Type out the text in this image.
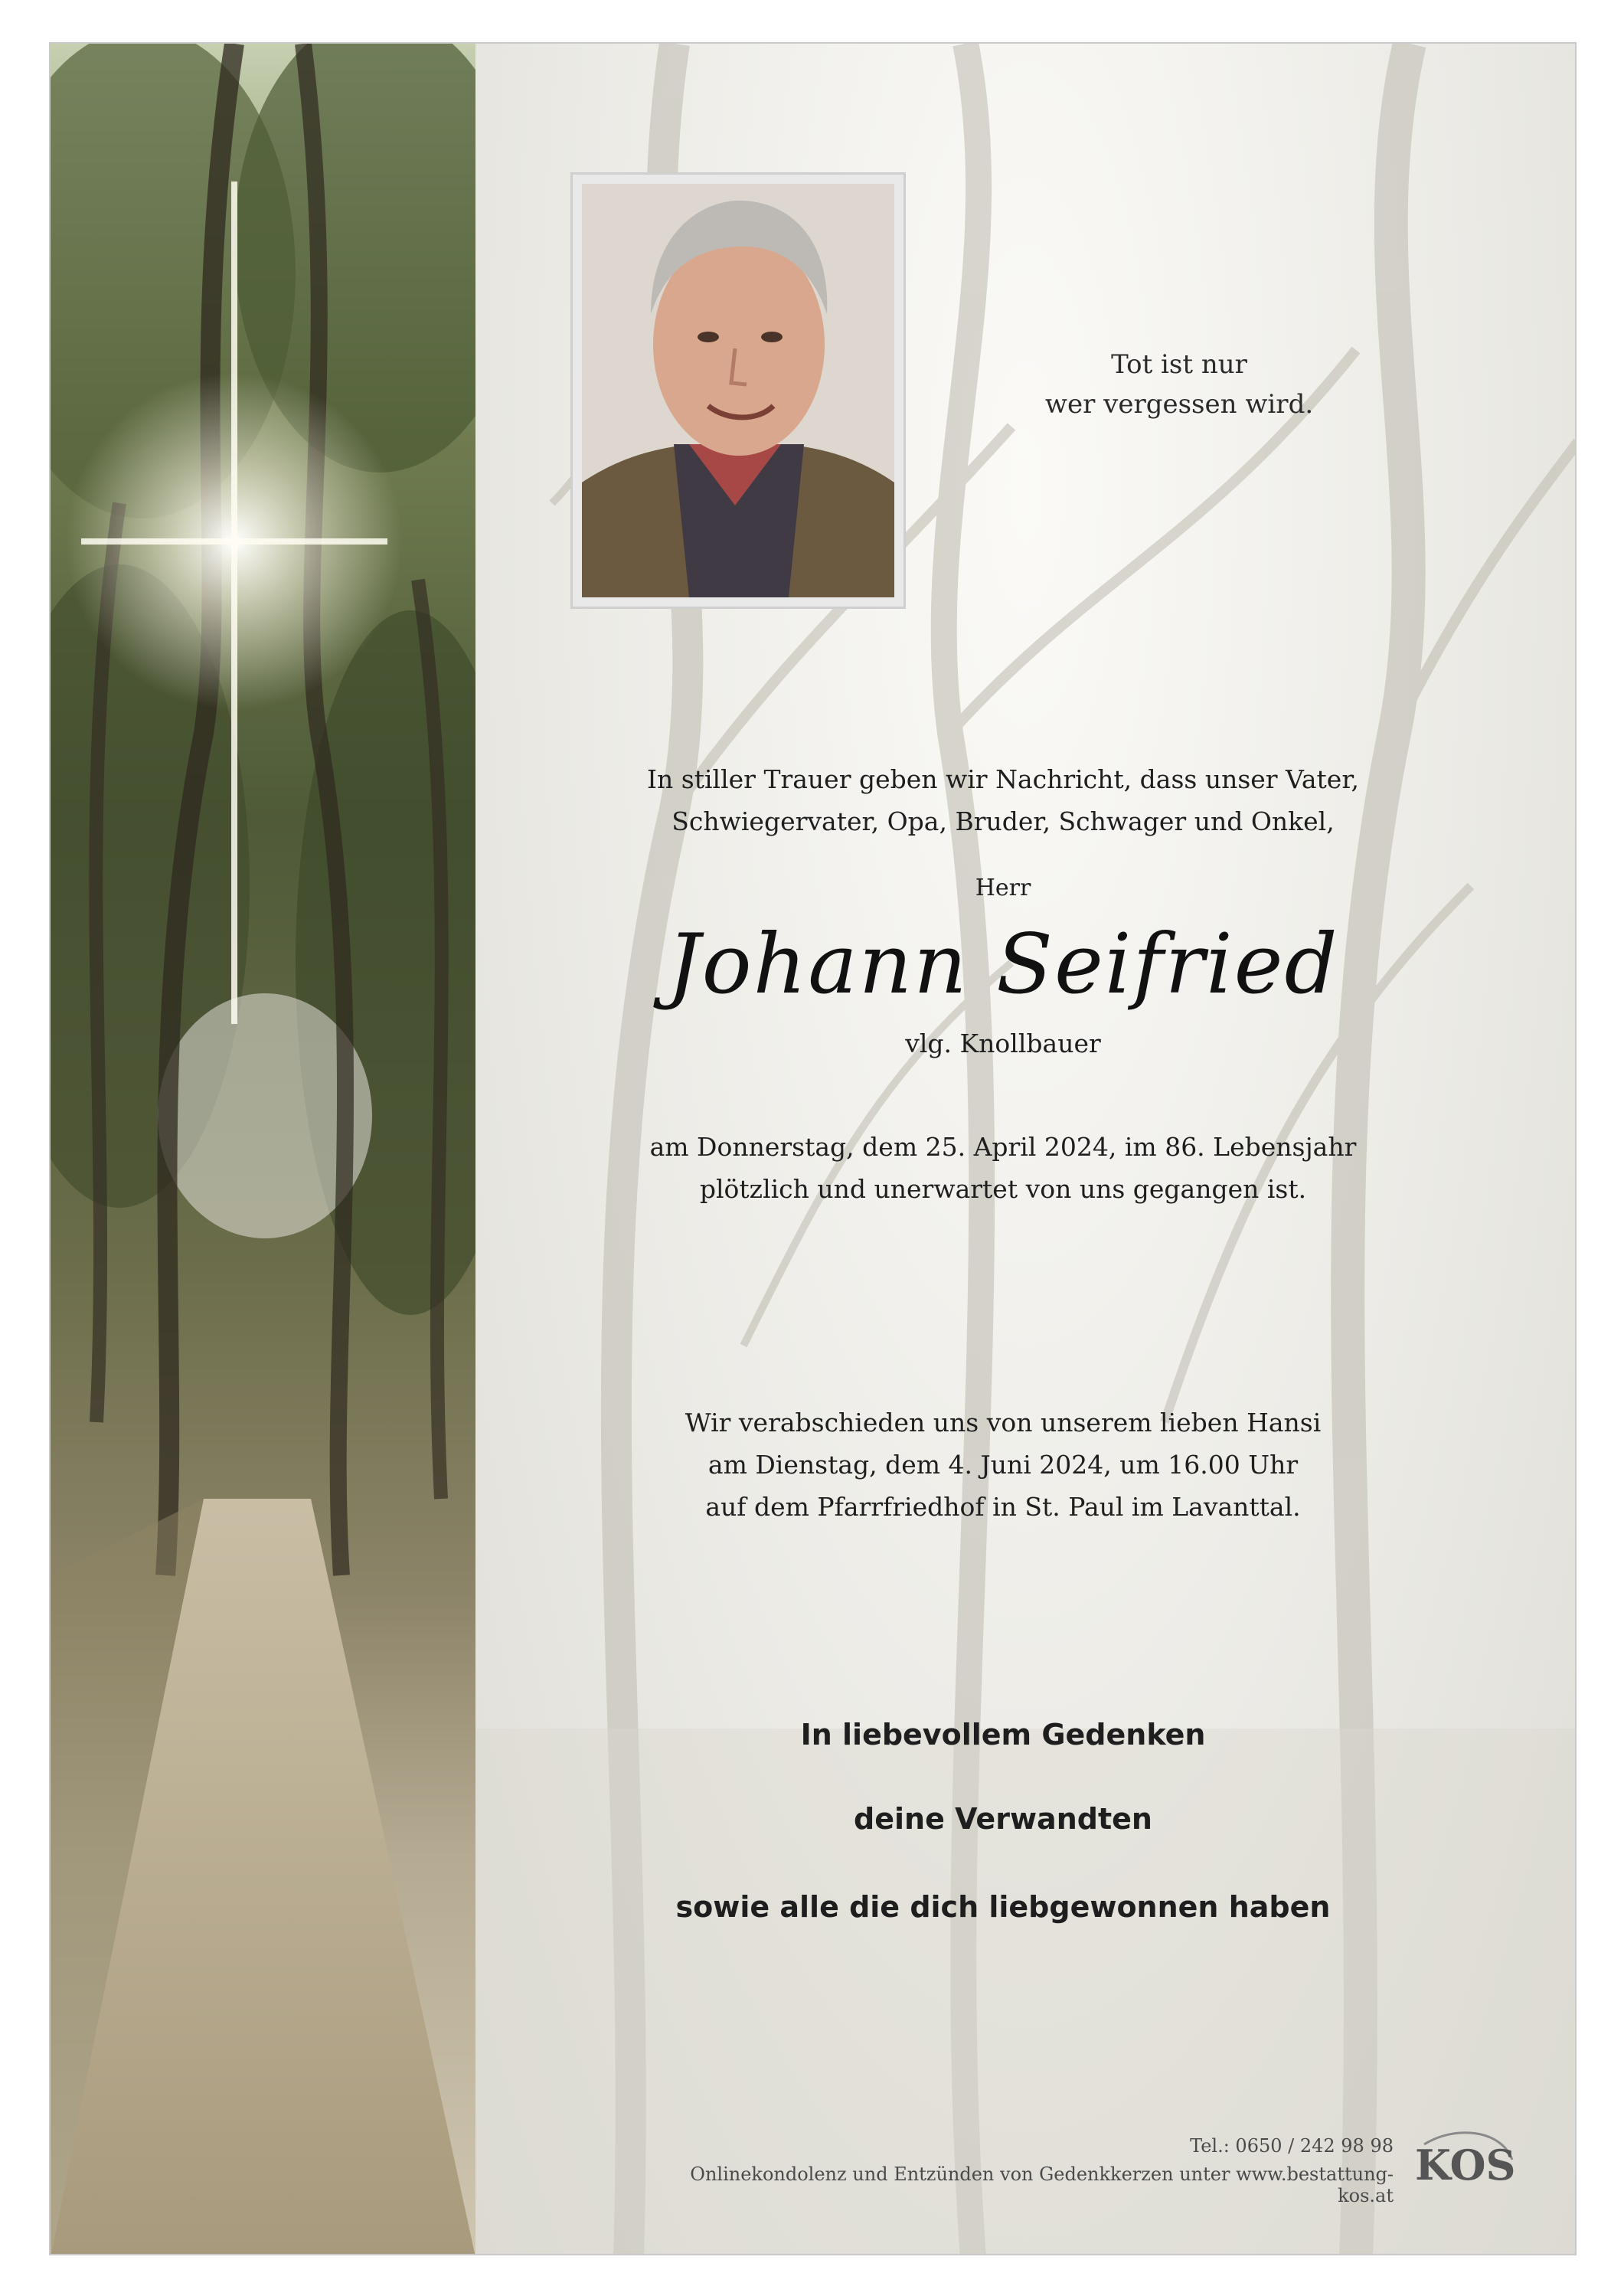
Tot ist nur
wer vergessen wird.
In stiller Trauer geben wir Nachricht, dass unser Vater,
Schwiegervater, Opa, Bruder, Schwager und Onkel,
Herr
Johann Seifried
vlg. Knollbauer
am Donnerstag, dem 25. April 2024, im 86. Lebensjahr
plötzlich und unerwartet von uns gegangen ist.
Wir verabschieden uns von unserem lieben Hansi
am Dienstag, dem 4. Juni 2024, um 16.00 Uhr
auf dem Pfarrfriedhof in St. Paul im Lavanttal.
In liebevollem Gedenken
deine Verwandten
sowie alle die dich liebgewonnen haben
Tel.: 0650 / 242 98 98
Onlinekondolenz und Entzünden von Gedenkkerzen unter www.bestattung-kos.at
KOS
